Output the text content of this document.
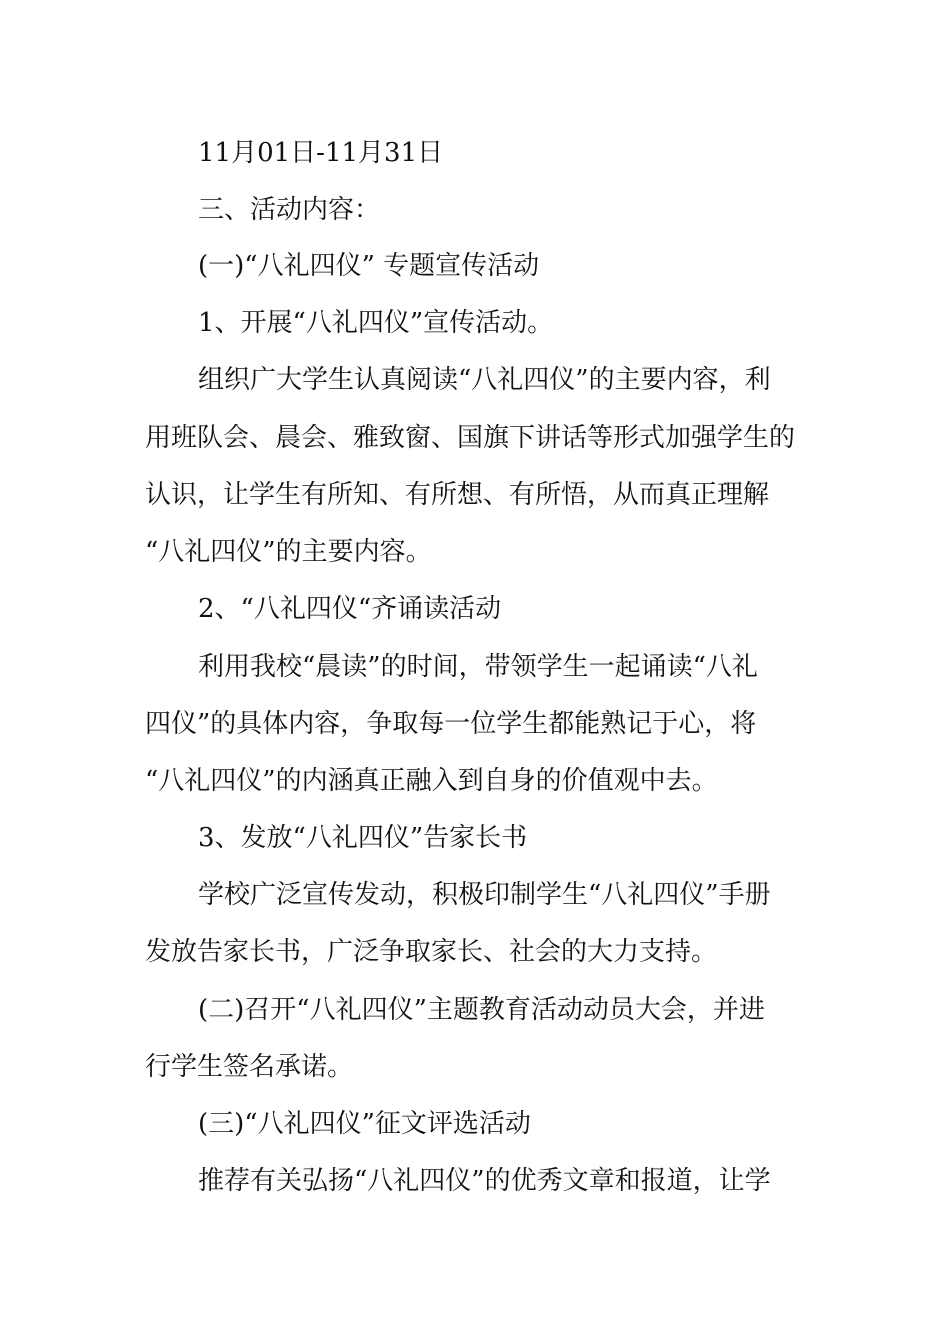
11月01日-11月31日
三、活动内容：
(一)“八礼四仪” 专题宣传活动
1、开展“八礼四仪”宣传活动。
组织广大学生认真阅读“八礼四仪”的主要内容，利
用班队会、晨会、雅致窗、国旗下讲话等形式加强学生的
认识，让学生有所知、有所想、有所悟，从而真正理解
“八礼四仪”的主要内容。
2、“八礼四仪“齐诵读活动
利用我校“晨读”的时间，带领学生一起诵读“八礼
四仪”的具体内容，争取每一位学生都能熟记于心，将
“八礼四仪”的内涵真正融入到自身的价值观中去。
3、发放“八礼四仪”告家长书
学校广泛宣传发动，积极印制学生“八礼四仪”手册
发放告家长书，广泛争取家长、社会的大力支持。
(二)召开“八礼四仪”主题教育活动动员大会，并进
行学生签名承诺。
(三)“八礼四仪”征文评选活动
推荐有关弘扬“八礼四仪”的优秀文章和报道，让学
